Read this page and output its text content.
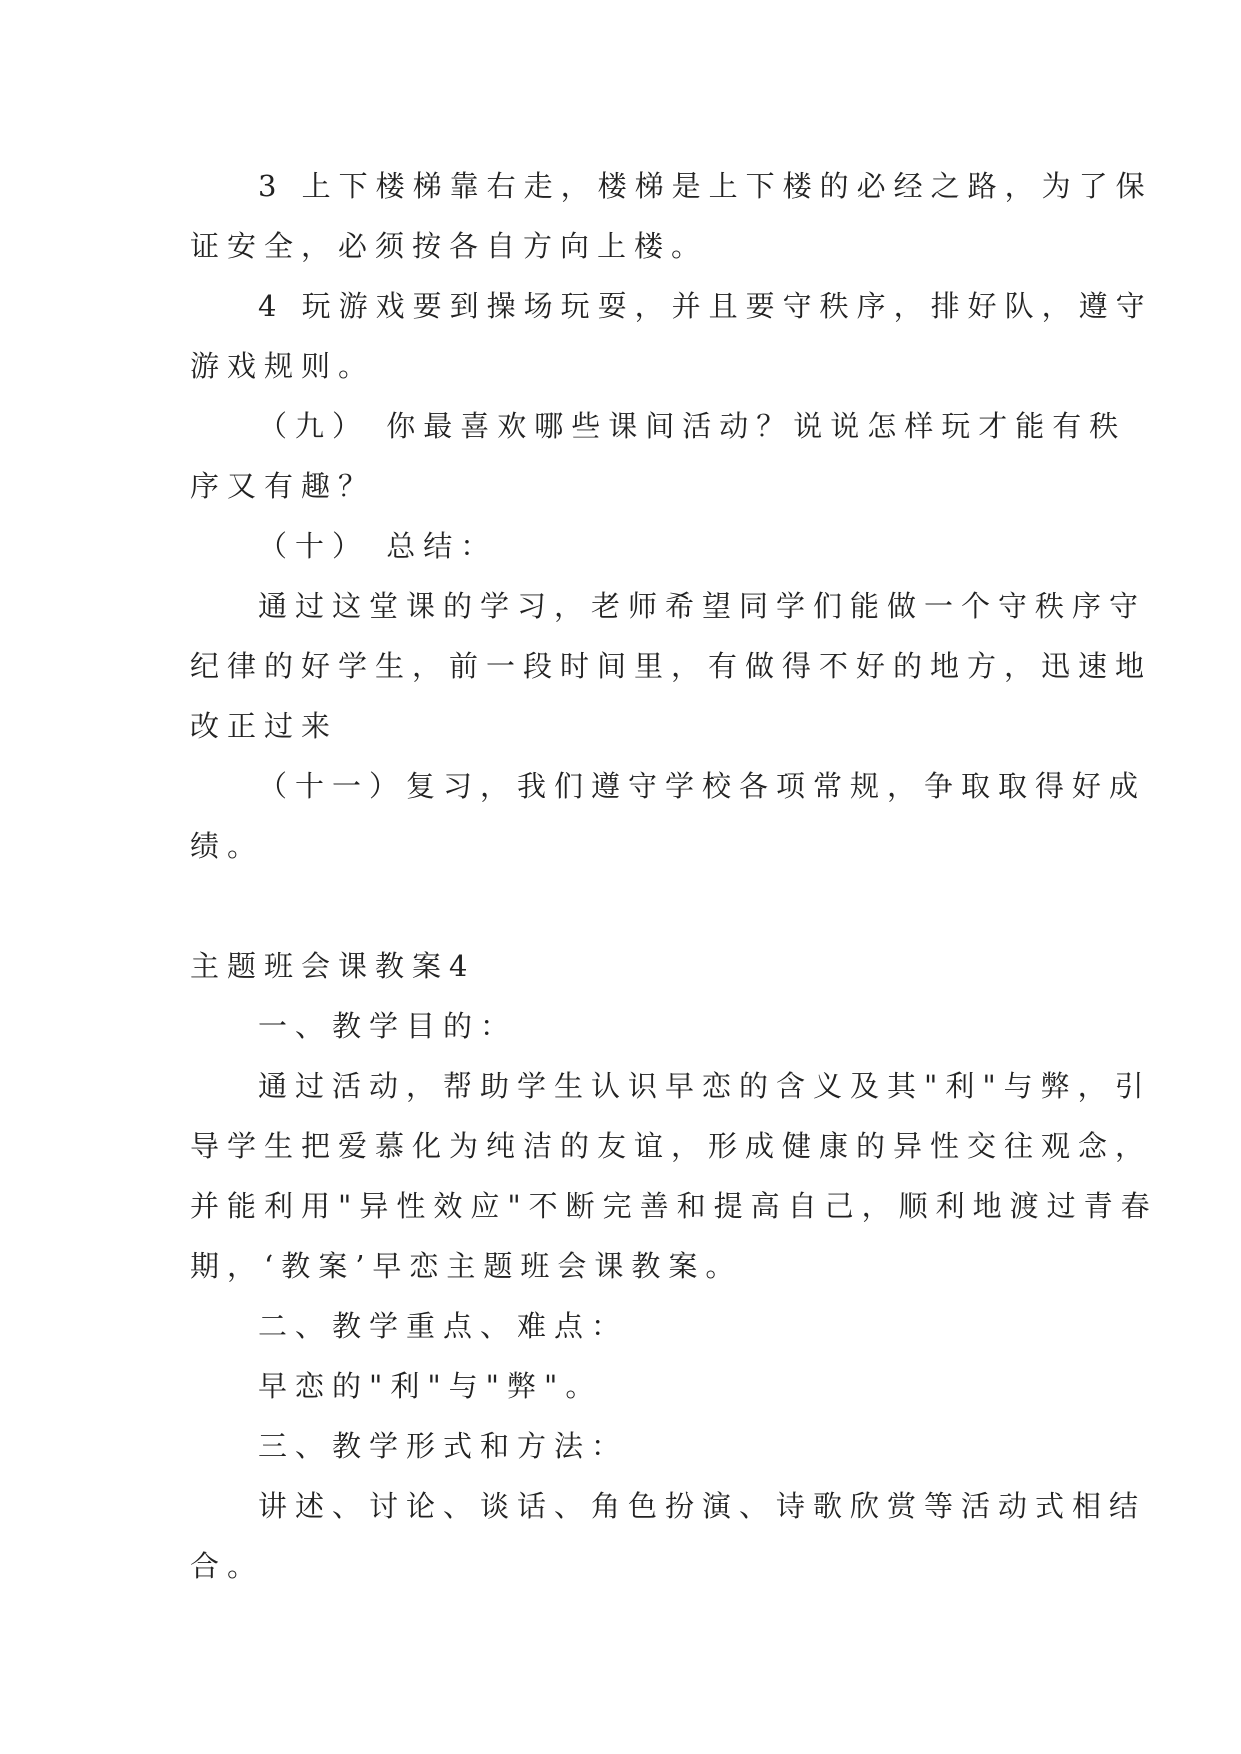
3 上下楼梯靠右走，楼梯是上下楼的必经之路，为了保
证安全，必须按各自方向上楼。
4 玩游戏要到操场玩耍，并且要守秩序，排好队，遵守
游戏规则。
（九） 你最喜欢哪些课间活动？说说怎样玩才能有秩
序又有趣？
（十） 总结：
通过这堂课的学习，老师希望同学们能做一个守秩序守
纪律的好学生，前一段时间里，有做得不好的地方，迅速地
改正过来
（十一）复习，我们遵守学校各项常规，争取取得好成
绩。
主题班会课教案4
一、教学目的：
通过活动，帮助学生认识早恋的含义及其"利"与弊，引
导学生把爱慕化为纯洁的友谊，形成健康的异性交往观念，
并能利用"异性效应"不断完善和提高自己，顺利地渡过青春
期，‘教案’早恋主题班会课教案。
二、教学重点、难点：
早恋的"利"与"弊"。
三、教学形式和方法：
讲述、讨论、谈话、角色扮演、诗歌欣赏等活动式相结
合。
